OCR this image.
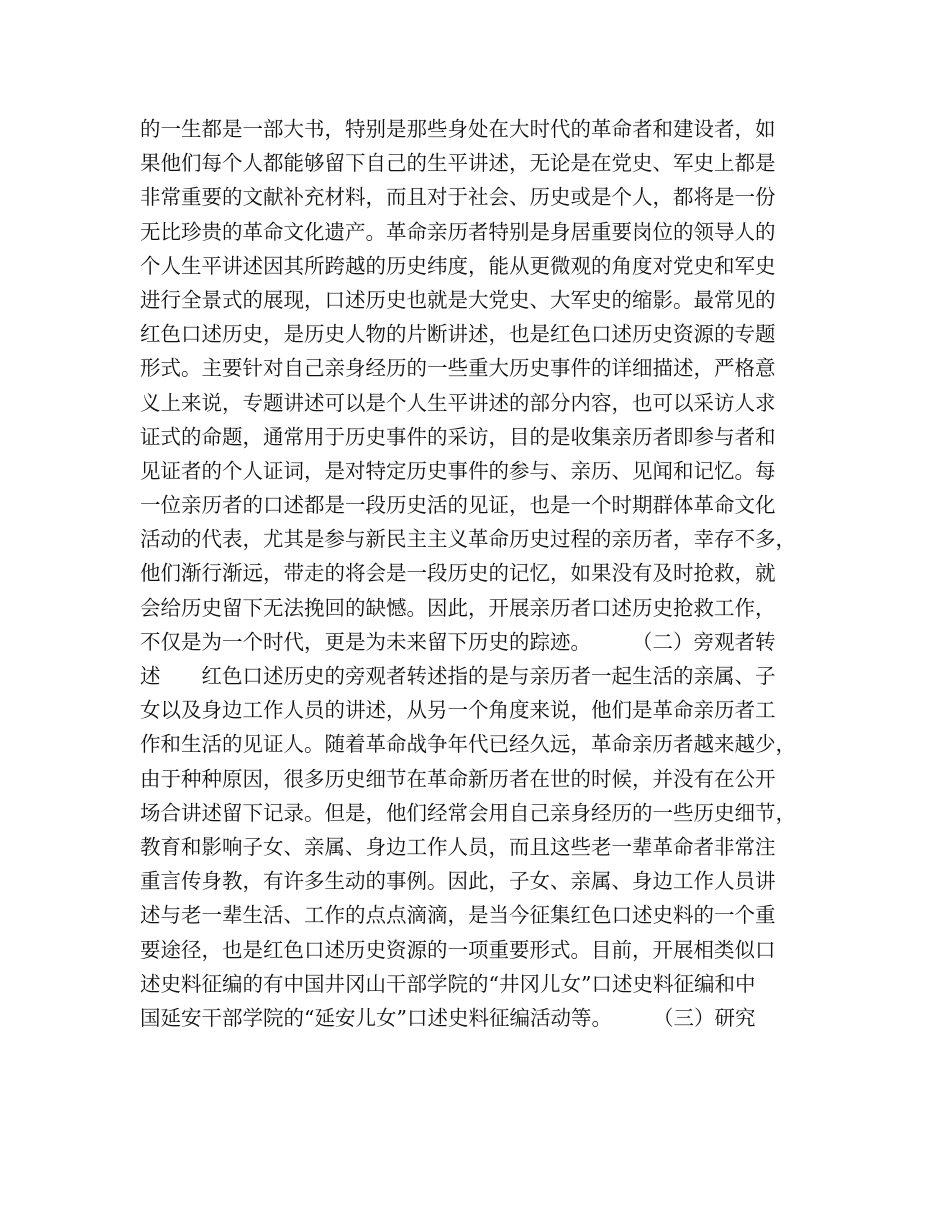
的一生都是一部大书，特别是那些身处在大时代的革命者和建设者，如
果他们每个人都能够留下自己的生平讲述，无论是在党史、军史上都是
非常重要的文献补充材料，而且对于社会、历史或是个人，都将是一份
无比珍贵的革命文化遗产。革命亲历者特别是身居重要岗位的领导人的
个人生平讲述因其所跨越的历史纬度，能从更微观的角度对党史和军史
进行全景式的展现，口述历史也就是大党史、大军史的缩影。最常见的
红色口述历史，是历史人物的片断讲述，也是红色口述历史资源的专题
形式。主要针对自己亲身经历的一些重大历史事件的详细描述，严格意
义上来说，专题讲述可以是个人生平讲述的部分内容，也可以采访人求
证式的命题，通常用于历史事件的采访，目的是收集亲历者即参与者和
见证者的个人证词，是对特定历史事件的参与、亲历、见闻和记忆。每
一位亲历者的口述都是一段历史活的见证，也是一个时期群体革命文化
活动的代表，尤其是参与新民主主义革命历史过程的亲历者，幸存不多，
他们渐行渐远，带走的将会是一段历史的记忆，如果没有及时抢救，就
会给历史留下无法挽回的缺憾。因此，开展亲历者口述历史抢救工作，
不仅是为一个时代，更是为未来留下历史的踪迹。　　　（二）旁观者转
述　　红色口述历史的旁观者转述指的是与亲历者一起生活的亲属、子
女以及身边工作人员的讲述，从另一个角度来说，他们是革命亲历者工
作和生活的见证人。随着革命战争年代已经久远，革命亲历者越来越少，
由于种种原因，很多历史细节在革命新历者在世的时候，并没有在公开
场合讲述留下记录。但是，他们经常会用自己亲身经历的一些历史细节，
教育和影响子女、亲属、身边工作人员，而且这些老一辈革命者非常注
重言传身教，有许多生动的事例。因此，子女、亲属、身边工作人员讲
述与老一辈生活、工作的点点滴滴，是当今征集红色口述史料的一个重
要途径，也是红色口述历史资源的一项重要形式。目前，开展相类似口
述史料征编的有中国井冈山干部学院的“井冈儿女”口述史料征编和中
国延安干部学院的“延安儿女”口述史料征编活动等。　　　（三）研究
